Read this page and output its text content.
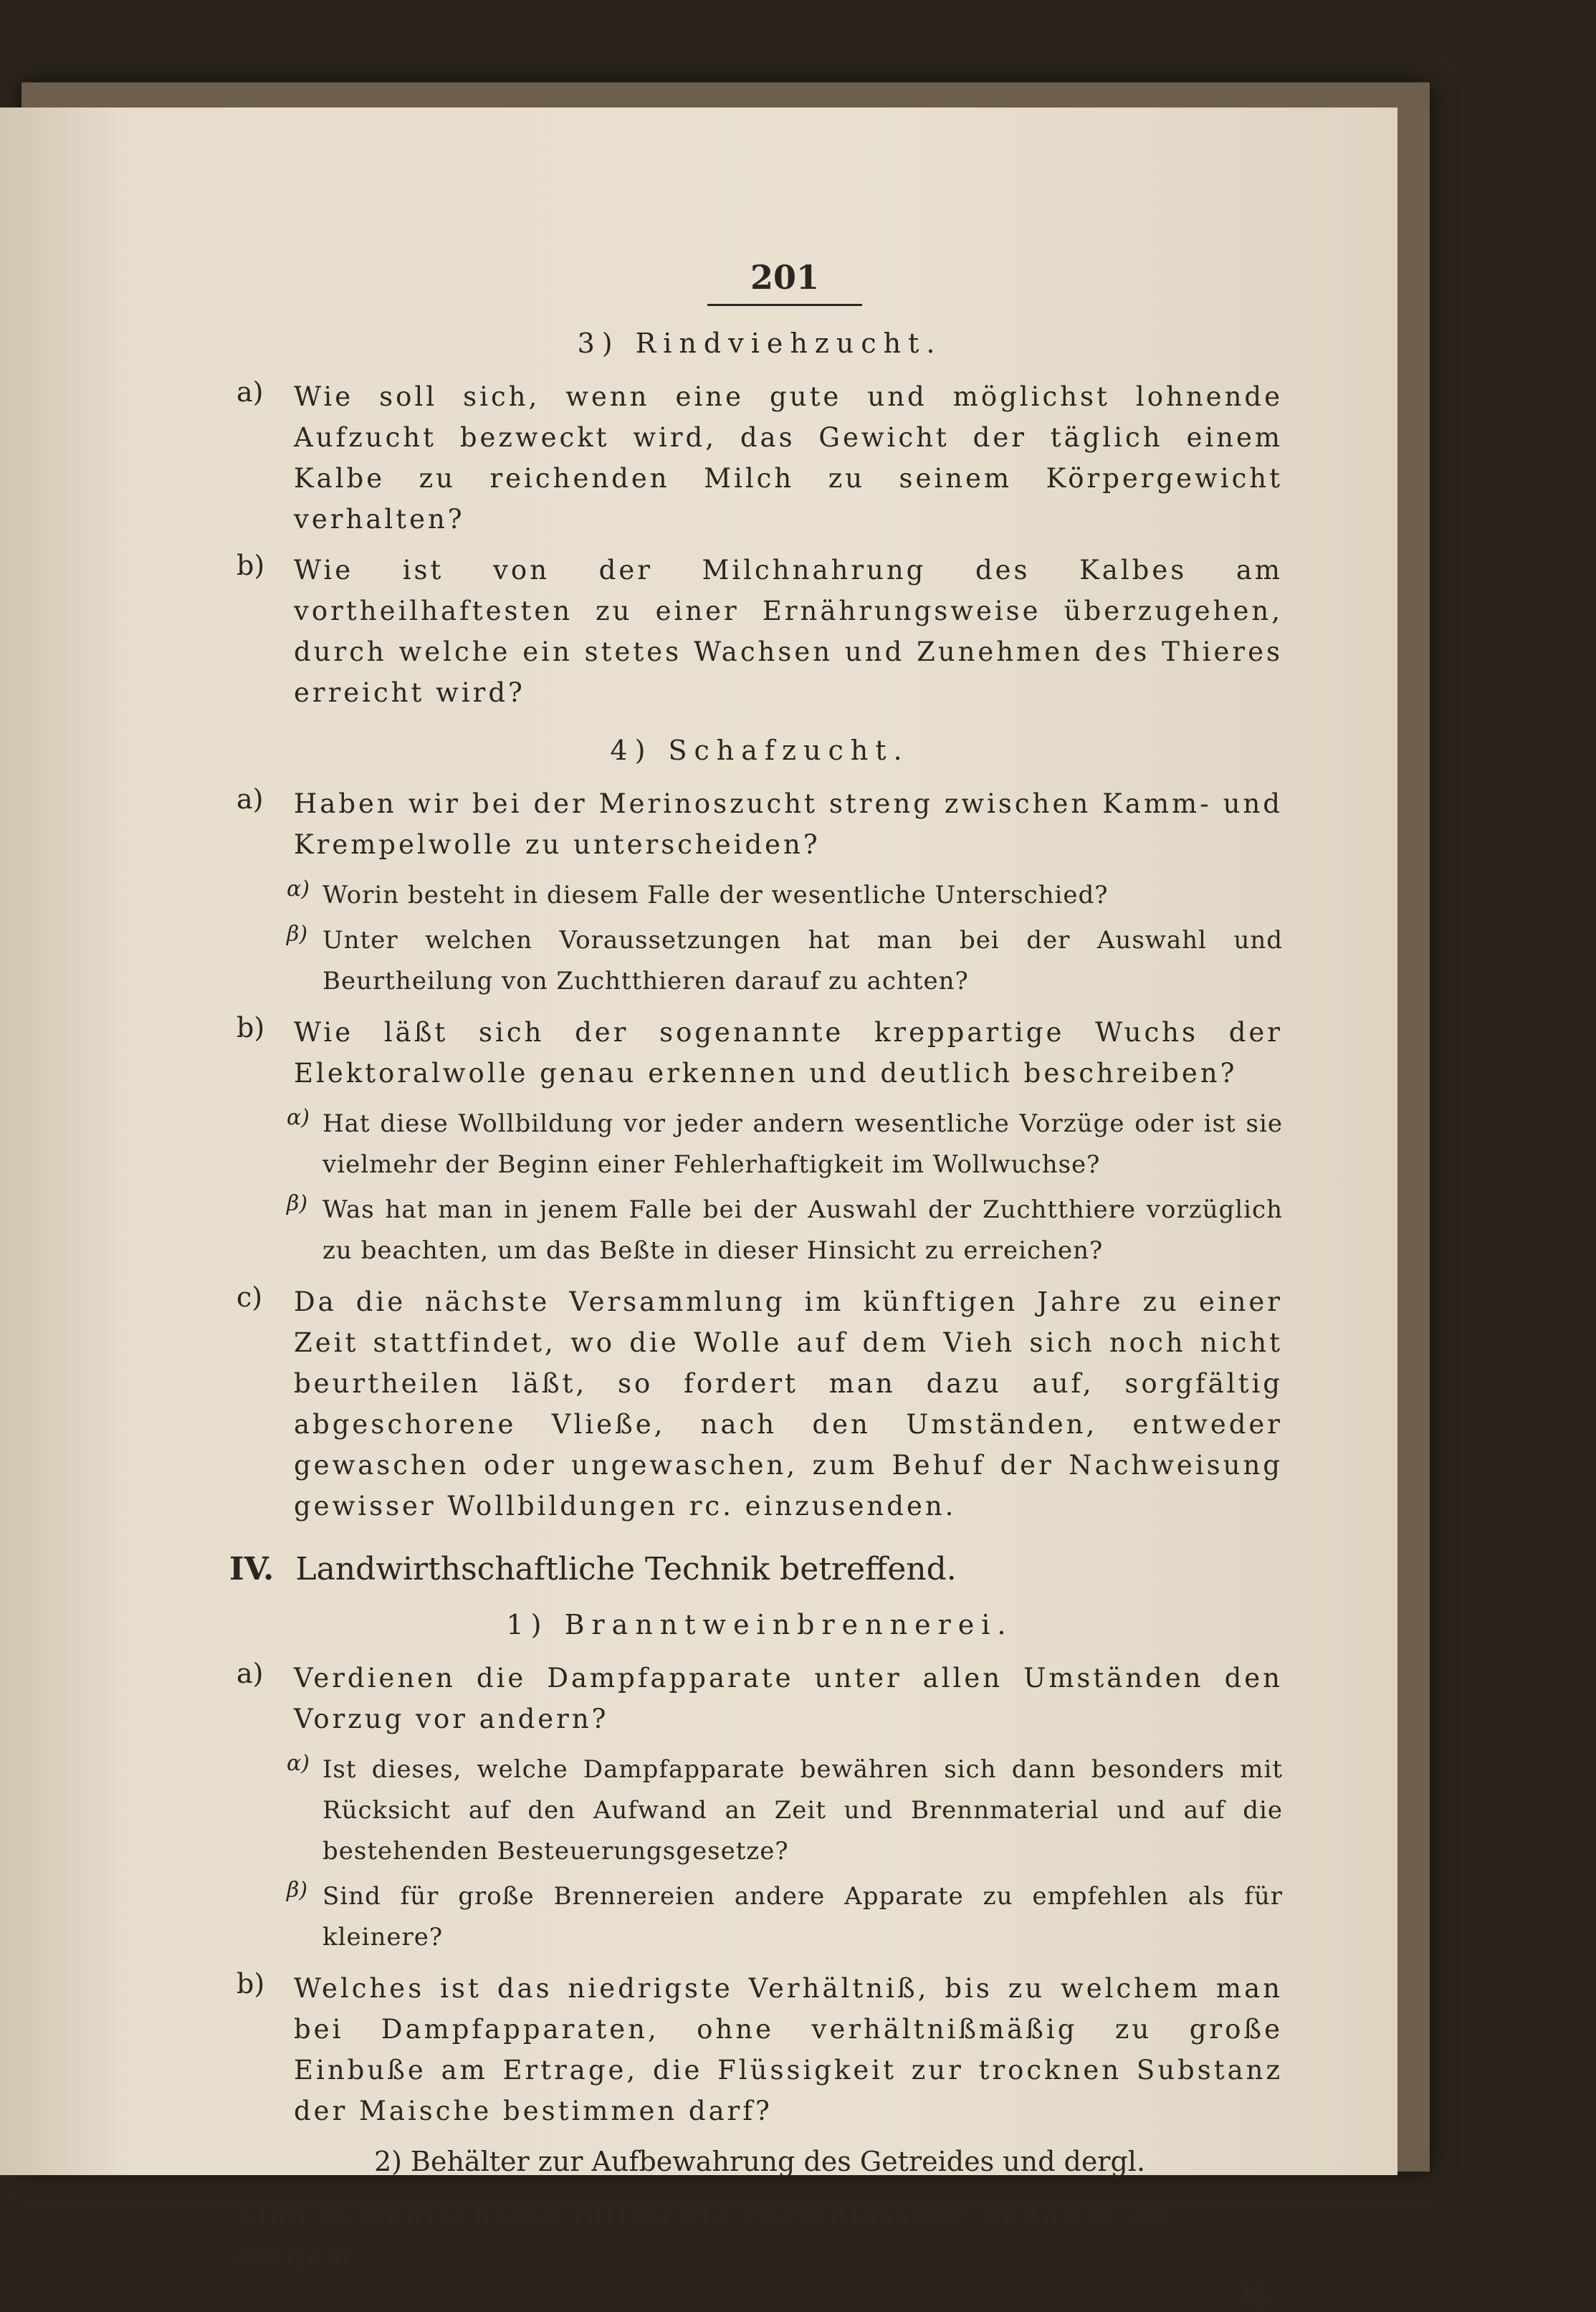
201
3) Rindviehzucht.
a) Wie soll sich, wenn eine gute und möglichst lohnende Aufzucht bezweckt wird, das Gewicht der täglich einem Kalbe zu reichenden Milch zu seinem Körpergewicht verhalten?
b) Wie ist von der Milchnahrung des Kalbes am vortheilhaftesten zu einer Ernährungsweise überzugehen, durch welche ein stetes Wachsen und Zunehmen des Thieres erreicht wird?
4) Schafzucht.
a) Haben wir bei der Merinoszucht streng zwischen Kamm- und Krempelwolle zu unterscheiden?
α) Worin besteht in diesem Falle der wesentliche Unterschied?
β) Unter welchen Voraussetzungen hat man bei der Auswahl und Beurtheilung von Zuchtthieren darauf zu achten?
b) Wie läßt sich der sogenannte kreppartige Wuchs der Elektoralwolle genau erkennen und deutlich beschreiben?
α) Hat diese Wollbildung vor jeder andern wesentliche Vorzüge oder ist sie vielmehr der Beginn einer Fehlerhaftigkeit im Wollwuchse?
β) Was hat man in jenem Falle bei der Auswahl der Zuchtthiere vorzüglich zu beachten, um das Beßte in dieser Hinsicht zu erreichen?
c) Da die nächste Versammlung im künftigen Jahre zu einer Zeit stattfindet, wo die Wolle auf dem Vieh sich noch nicht beurtheilen läßt, so fordert man dazu auf, sorgfältig abgeschorene Vließe, nach den Umständen, entweder gewaschen oder ungewaschen, zum Behuf der Nachweisung gewisser Wollbildungen rc. einzusenden.
IV. Landwirthschaftliche Technik betreffend.
1) Branntweinbrennerei.
a) Verdienen die Dampfapparate unter allen Umständen den Vorzug vor andern?
α) Ist dieses, welche Dampfapparate bewähren sich dann besonders mit Rücksicht auf den Aufwand an Zeit und Brennmaterial und auf die bestehenden Besteuerungsgesetze?
β) Sind für große Brennereien andere Apparate zu empfehlen als für kleinere?
b) Welches ist das niedrigste Verhältniß, bis zu welchem man bei Dampfapparaten, ohne verhältnißmäßig zu große Einbuße am Ertrage, die Flüssigkeit zur trocknen Substanz der Maische bestimmen darf?
2) Behälter zur Aufbewahrung des Getreides und dergl.
Sind in Deutschland luftdichte verschlossene Behälter zu obigem
26
